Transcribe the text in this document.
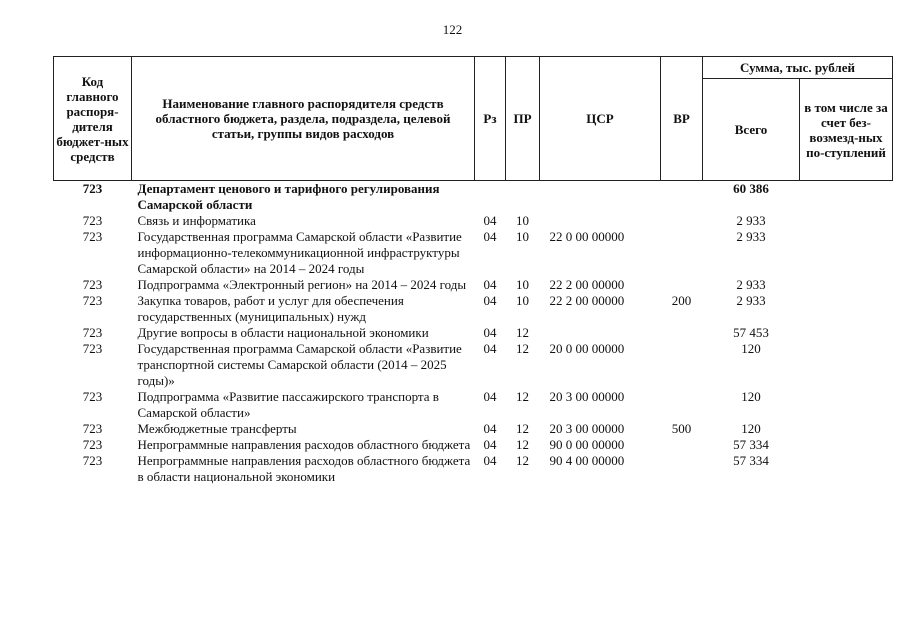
122
Код главного распоря-дителя бюджет-ных средств	Наименование главного распорядителя средств областного бюджета, раздела, подраздела, целевой статьи, группы видов расходов	Рз	ПР	ЦСР	ВР	Сумма, тыс. рублей	
						Всего	в том числе за счет без-возмезд-ных по-ступлений
723	Департамент ценового и тарифного регулирования Самарской области					60 386	
723	Связь и информатика	04	10			2 933	
723	Государственная программа Самарской области «Развитие информационно-телекоммуникационной инфраструктуры Самарской области» на 2014 – 2024 годы	04	10	22 0 00 00000		2 933	
723	Подпрограмма «Электронный регион» на 2014 – 2024 годы	04	10	22 2 00 00000		2 933	
723	Закупка товаров, работ и услуг для обеспечения государственных (муниципальных) нужд	04	10	22 2 00 00000	200	2 933	
723	Другие вопросы в области национальной экономики	04	12			57 453	
723	Государственная программа Самарской области «Развитие транспортной системы Самарской области (2014 – 2025 годы)»	04	12	20 0 00 00000		120	
723	Подпрограмма «Развитие пассажирского транспорта в Самарской области»	04	12	20 3 00 00000		120	
723	Межбюджетные трансферты	04	12	20 3 00 00000	500	120	
723	Непрограммные направления расходов областного бюджета	04	12	90 0 00 00000		57 334	
723	Непрограммные направления расходов областного бюджета в области национальной экономики	04	12	90 4 00 00000		57 334	
